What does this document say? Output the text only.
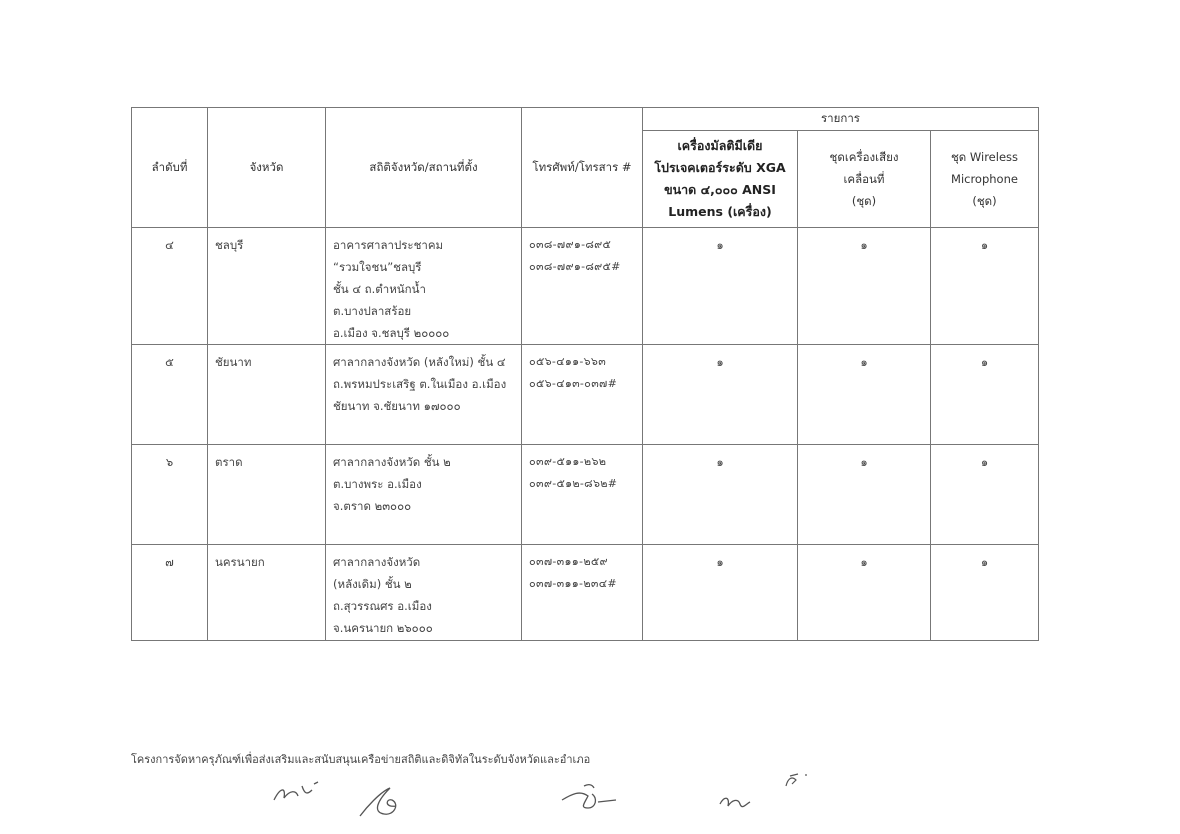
ลำดับที่	จังหวัด	สถิติจังหวัด/สถานที่ตั้ง	โทรศัพท์/โทรสาร #	รายการ		

				เครื่องมัลติมีเดีย
โปรเจคเตอร์ระดับ XGA
ขนาด ๔,๐๐๐ ANSI
Lumens (เครื่อง)	ชุดเครื่องเสียง
เคลื่อนที่
(ชุด)	ชุด Wireless
Microphone
(ชุด)

๔	ชลบุรี	อาคารศาลาประชาคม
“รวมใจชน”ชลบุรี
ชั้น ๔ ถ.ตำหนักน้ำ
ต.บางปลาสร้อย
อ.เมือง จ.ชลบุรี ๒๐๐๐๐	๐๓๘-๗๙๑-๘๙๕
๐๓๘-๗๙๑-๘๙๕#	๑	๑	๑

๕	ชัยนาท	ศาลากลางจังหวัด (หลังใหม่) ชั้น ๔
ถ.พรหมประเสริฐ ต.ในเมือง อ.เมือง
ชัยนาท จ.ชัยนาท ๑๗๐๐๐	๐๕๖-๔๑๑-๖๖๓
๐๕๖-๔๑๓-๐๓๗#	๑	๑	๑

๖	ตราด	ศาลากลางจังหวัด ชั้น ๒
ต.บางพระ อ.เมือง
จ.ตราด ๒๓๐๐๐	๐๓๙-๕๑๑-๒๖๒
๐๓๙-๕๑๒-๘๖๒#	๑	๑	๑

๗	นครนายก	ศาลากลางจังหวัด
(หลังเดิม) ชั้น ๒
ถ.สุวรรณศร อ.เมือง
จ.นครนายก ๒๖๐๐๐	๐๓๗-๓๑๑-๒๕๙
๐๓๗-๓๑๑-๒๓๔#	๑	๑	๑
โครงการจัดหาครุภัณฑ์เพื่อส่งเสริมและสนับสนุนเครือข่ายสถิติและดิจิทัลในระดับจังหวัดและอำเภอ
